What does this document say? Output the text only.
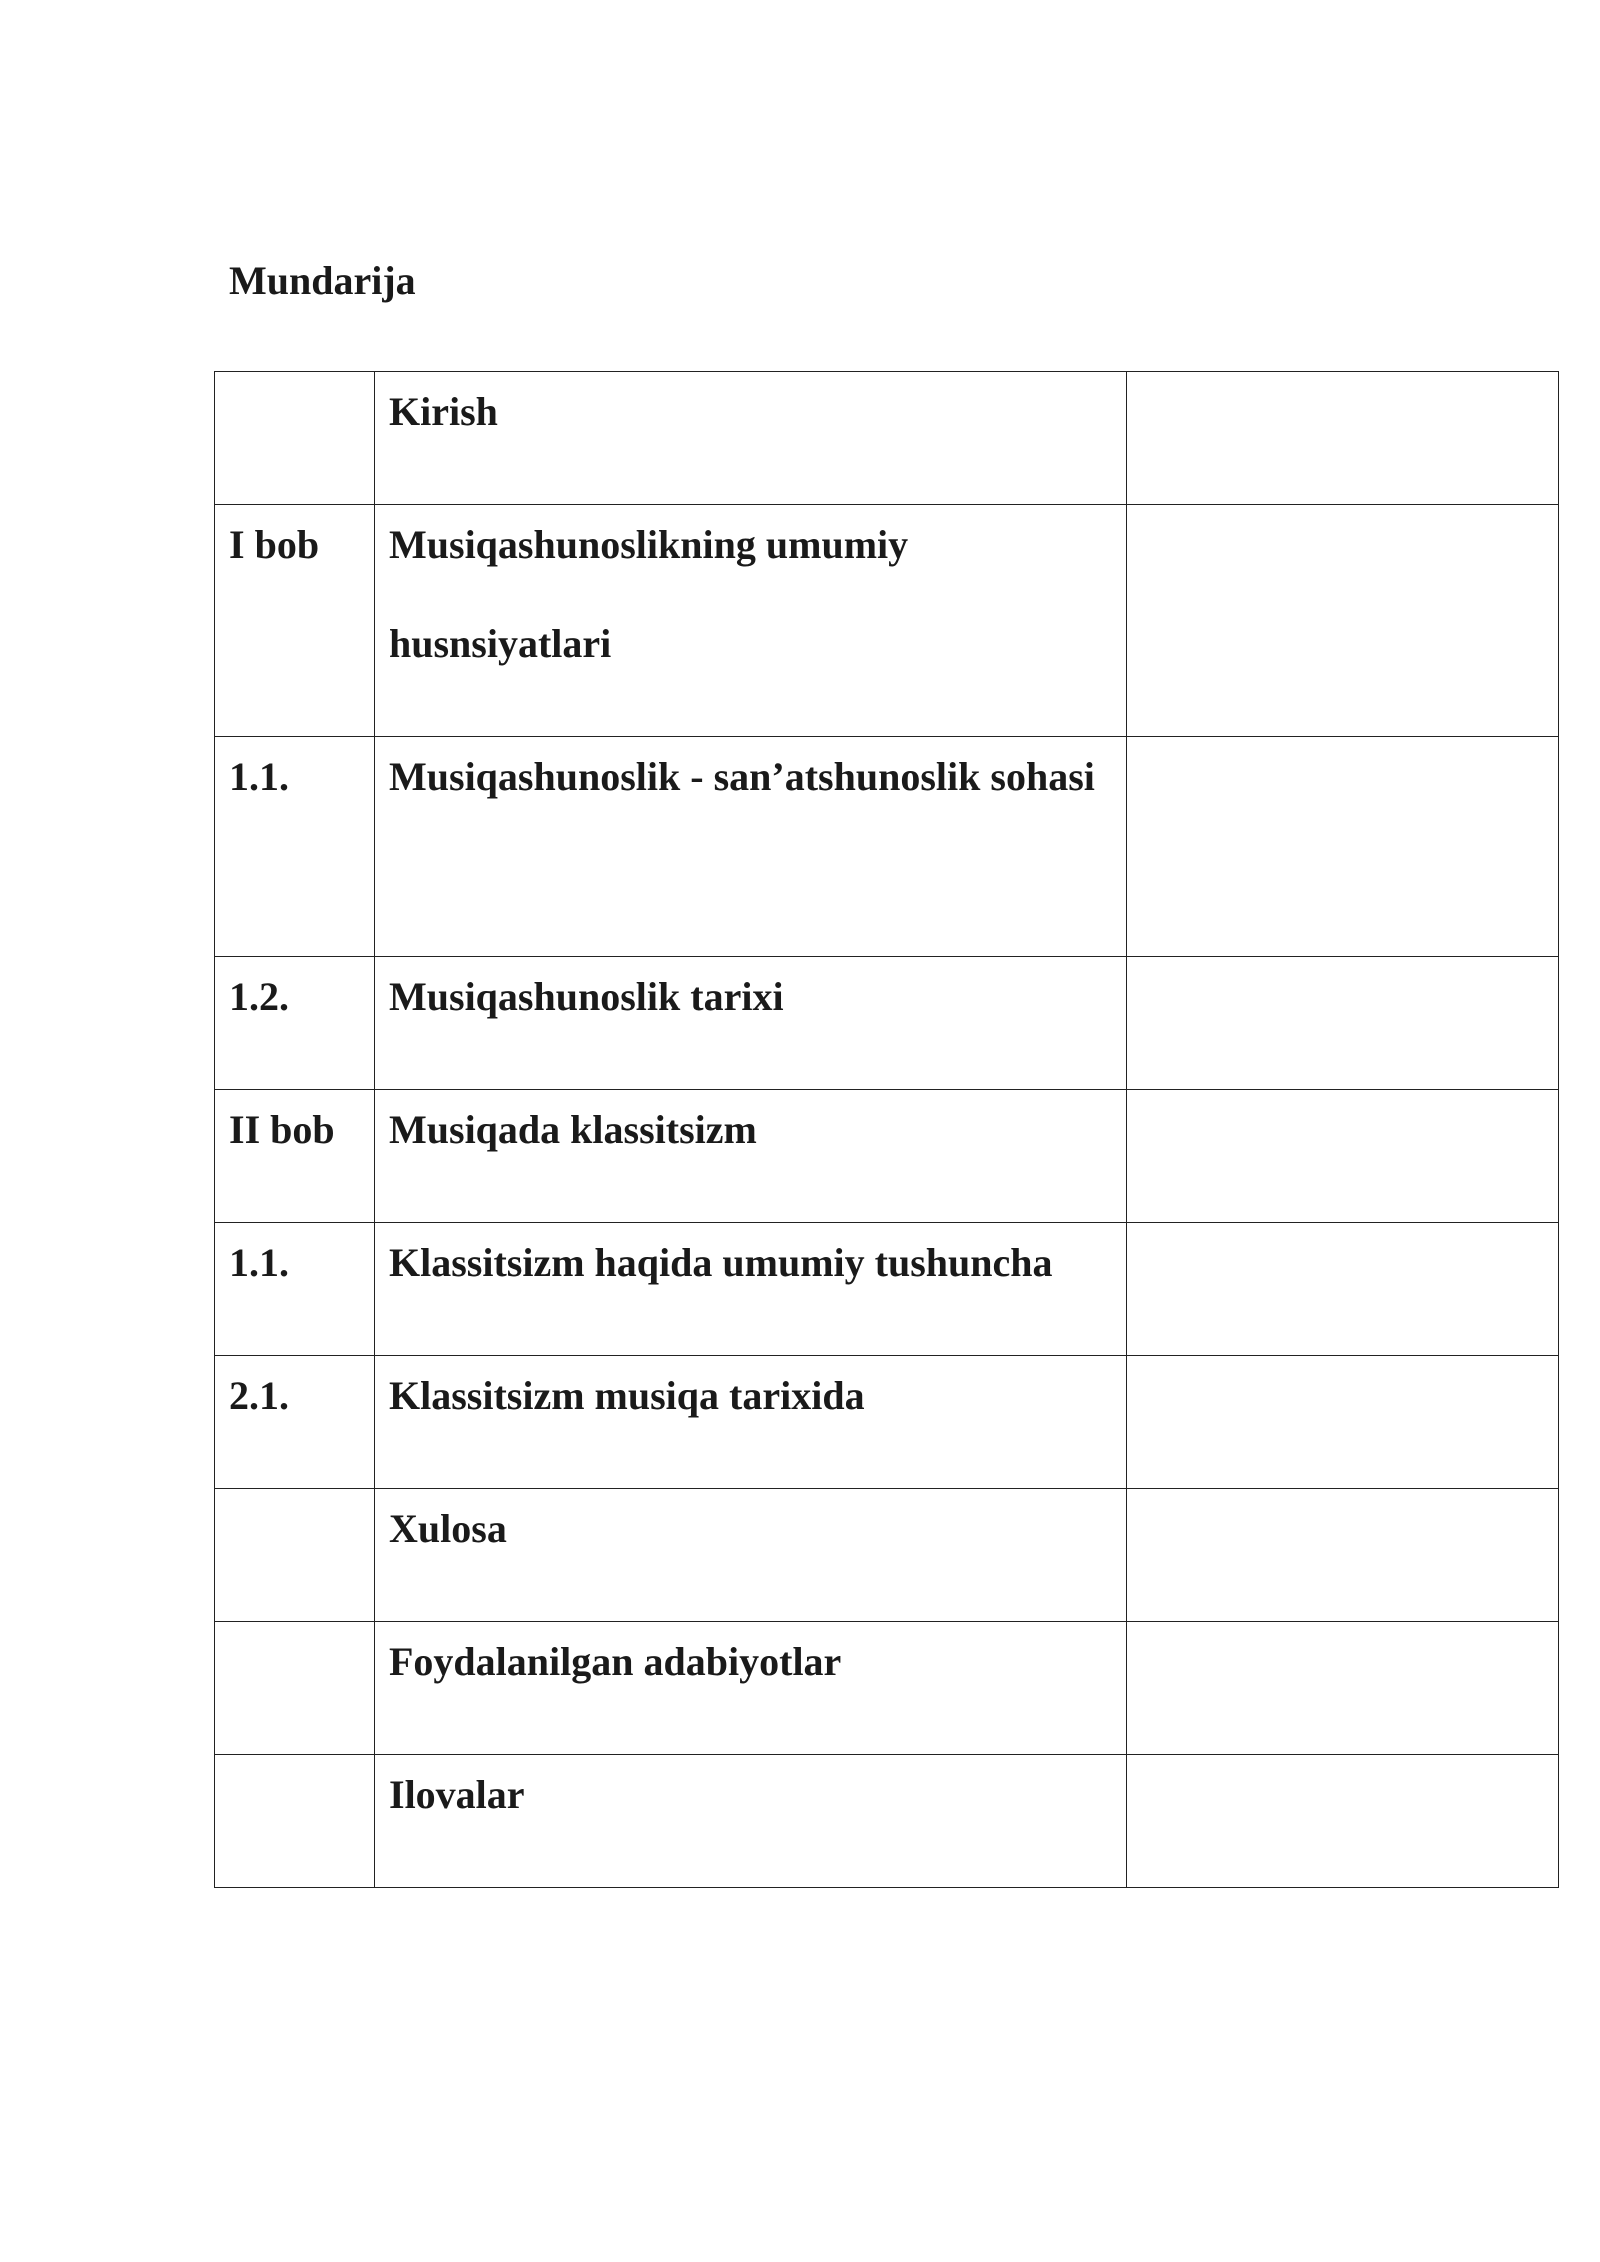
Mundarija

	Kirish	

I bob	Musiqashunoslikning umumiy husnsiyatlari	

1.1.	Musiqashunoslik - san’atshunoslik sohasi	

1.2.	Musiqashunoslik tarixi	

II bob	Musiqada klassitsizm	

1.1.	Klassitsizm haqida umumiy tushuncha	

2.1.	Klassitsizm musiqa tarixida	

	Xulosa	

	Foydalanilgan adabiyotlar	

	Ilovalar	
